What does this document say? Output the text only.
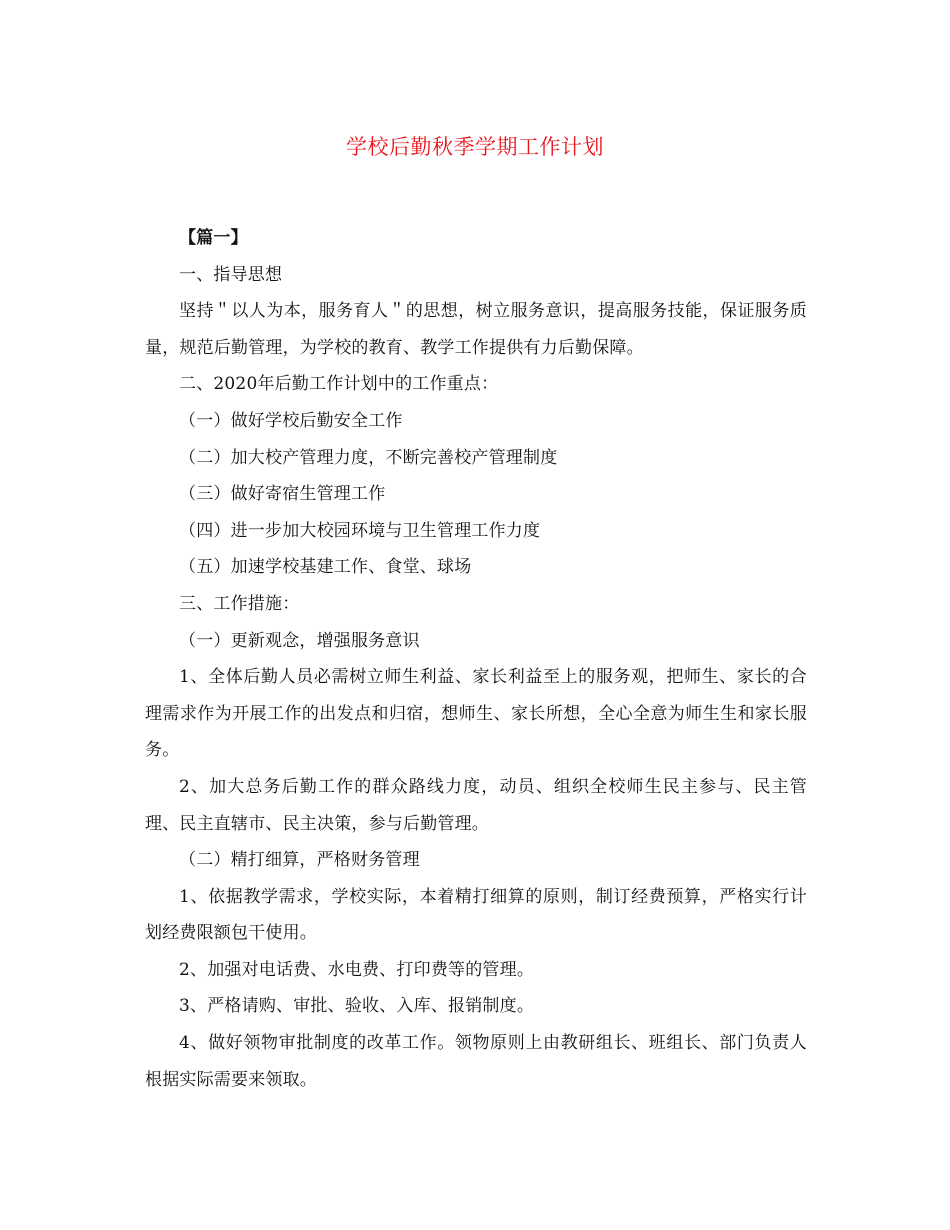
学校后勤秋季学期工作计划

【篇一】

一、指导思想

坚持＂以人为本，服务育人＂的思想，树立服务意识，提高服务技能，保证服务质量，规范后勤管理，为学校的教育、教学工作提供有力后勤保障。

二、2020年后勤工作计划中的工作重点：

（一）做好学校后勤安全工作

（二）加大校产管理力度，不断完善校产管理制度

（三）做好寄宿生管理工作

（四）进一步加大校园环境与卫生管理工作力度

（五）加速学校基建工作、食堂、球场

三、工作措施：

（一）更新观念，增强服务意识

1、全体后勤人员必需树立师生利益、家长利益至上的服务观，把师生、家长的合理需求作为开展工作的出发点和归宿，想师生、家长所想，全心全意为师生生和家长服务。

2、加大总务后勤工作的群众路线力度，动员、组织全校师生民主参与、民主管理、民主直辖市、民主决策，参与后勤管理。

（二）精打细算，严格财务管理

1、依据教学需求，学校实际，本着精打细算的原则，制订经费预算，严格实行计划经费限额包干使用。

2、加强对电话费、水电费、打印费等的管理。

3、严格请购、审批、验收、入库、报销制度。

4、做好领物审批制度的改革工作。领物原则上由教研组长、班组长、部门负责人根据实际需要来领取。
